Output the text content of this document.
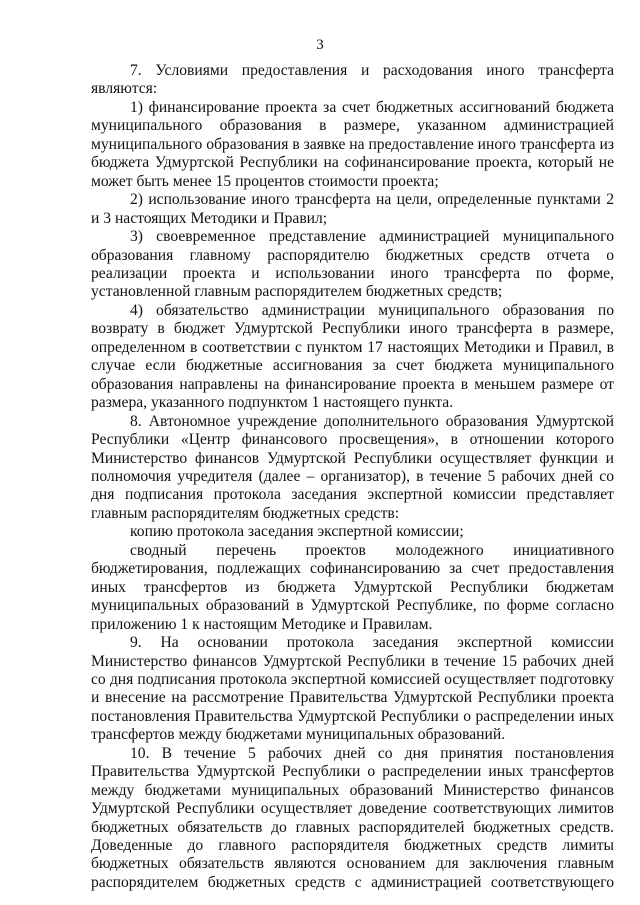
3

7. Условиями предоставления и расходования иного трансферта являются:

1) финансирование проекта за счет бюджетных ассигнований бюджета муниципального образования в размере, указанном администрацией муниципального образования в заявке на предоставление иного трансферта из бюджета Удмуртской Республики на софинансирование проекта, который не может быть менее 15 процентов стоимости проекта;

2) использование иного трансферта на цели, определенные пунктами 2 и 3 настоящих Методики и Правил;

3) своевременное представление администрацией муниципального образования главному распорядителю бюджетных средств отчета о реализации проекта и использовании иного трансферта по форме, установленной главным распорядителем бюджетных средств;

4) обязательство администрации муниципального образования по возврату в бюджет Удмуртской Республики иного трансферта в размере, определенном в соответствии с пунктом 17 настоящих Методики и Правил, в случае если бюджетные ассигнования за счет бюджета муниципального образования направлены на финансирование проекта в меньшем размере от размера, указанного подпунктом 1 настоящего пункта.

8. Автономное учреждение дополнительного образования Удмуртской Республики «Центр финансового просвещения», в отношении которого Министерство финансов Удмуртской Республики осуществляет функции и полномочия учредителя (далее – организатор), в течение 5 рабочих дней со дня подписания протокола заседания экспертной комиссии представляет главным распорядителям бюджетных средств:

копию протокола заседания экспертной комиссии;

сводный перечень проектов молодежного инициативного бюджетирования, подлежащих софинансированию за счет предоставления иных трансфертов из бюджета Удмуртской Республики бюджетам муниципальных образований в Удмуртской Республике, по форме согласно приложению 1 к настоящим Методике и Правилам.

9. На основании протокола заседания экспертной комиссии Министерство финансов Удмуртской Республики в течение 15 рабочих дней со дня подписания протокола экспертной комиссией осуществляет подготовку и внесение на рассмотрение Правительства Удмуртской Республики проекта постановления Правительства Удмуртской Республики о распределении иных трансфертов между бюджетами муниципальных образований.

10. В течение 5 рабочих дней со дня принятия постановления Правительства Удмуртской Республики о распределении иных трансфертов между бюджетами муниципальных образований Министерство финансов Удмуртской Республики осуществляет доведение соответствующих лимитов бюджетных обязательств до главных распорядителей бюджетных средств. Доведенные до главного распорядителя бюджетных средств лимиты бюджетных обязательств являются основанием для заключения главным распорядителем бюджетных средств с администрацией соответствующего
